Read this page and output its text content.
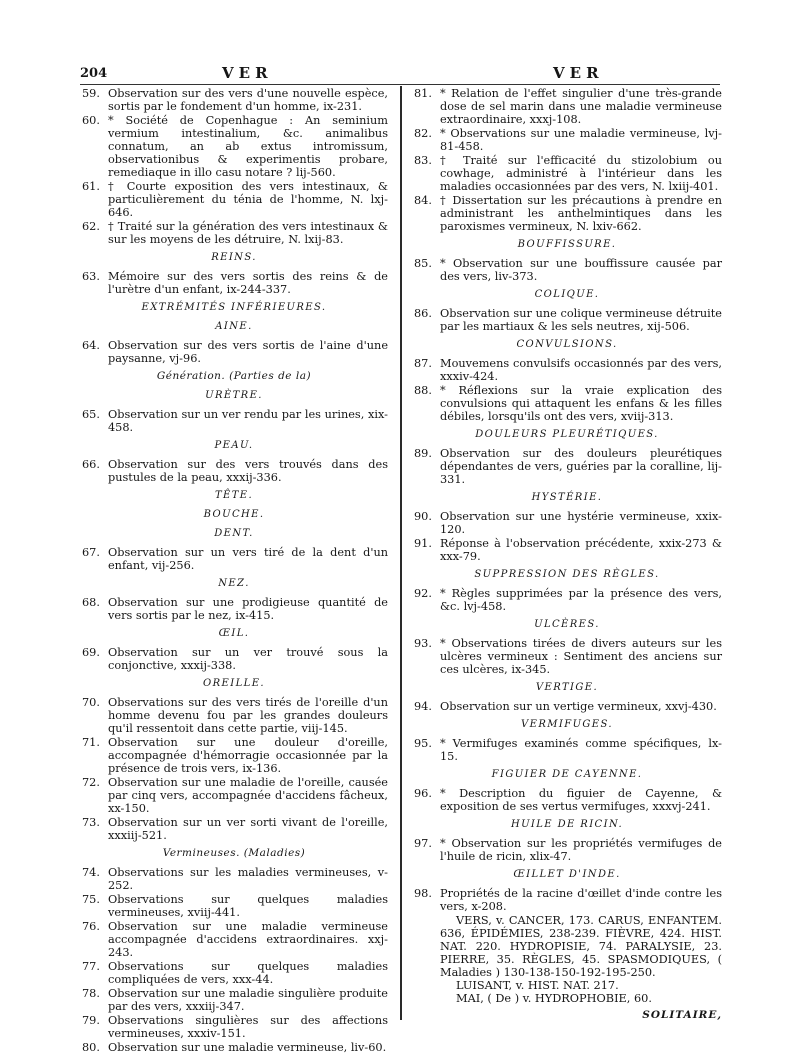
204	VER	VER
59. Observation sur des vers d'une nouvelle espèce, sortis par le fondement d'un homme, ix-231.
60. * Société de Copenhague : An seminium vermium intestinalium, &c. animalibus connatum, an ab extus intromissum, observationibus & experimentis probare, remediaque in illo casu notare ? lij-560.
61. † Courte exposition des vers intestinaux, & particulièrement du ténia de l'homme, N. lxj-646.
62. † Traité sur la génération des vers intestinaux & sur les moyens de les détruire, N. lxij-83.
REINS.
63. Mémoire sur des vers sortis des reins & de l'urètre d'un enfant, ix-244-337.
EXTRÉMITÉS INFÉRIEURES.
AINE.
64. Observation sur des vers sortis de l'aine d'une paysanne, vj-96.
Génération. (Parties de la)
URÈTRE.
65. Observation sur un ver rendu par les urines, xix-458.
PEAU.
66. Observation sur des vers trouvés dans des pustules de la peau, xxxij-336.
TÊTE.
BOUCHE.
DENT.
67. Observation sur un vers tiré de la dent d'un enfant, vij-256.
NEZ.
68. Observation sur une prodigieuse quantité de vers sortis par le nez, ix-415.
ŒIL.
69. Observation sur un ver trouvé sous la conjonctive, xxxij-338.
OREILLE.
70. Observations sur des vers tirés de l'oreille d'un homme devenu fou par les grandes douleurs qu'il ressentoit dans cette partie, viij-145.
71. Observation sur une douleur d'oreille, accompagnée d'hémorragie occasionnée par la présence de trois vers, ix-136.
72. Observation sur une maladie de l'oreille, causée par cinq vers, accompagnée d'accidens fâcheux, xx-150.
73. Observation sur un ver sorti vivant de l'oreille, xxxiij-521.
Vermineuses. (Maladies)
74. Observations sur les maladies vermineuses, v-252.
75. Observations sur quelques maladies vermineuses, xviij-441.
76. Observation sur une maladie vermineuse accompagnée d'accidens extraordinaires. xxj-243.
77. Observations sur quelques maladies compliquées de vers, xxx-44.
78. Observation sur une maladie singulière produite par des vers, xxxiij-347.
79. Observations singulières sur des affections vermineuses, xxxiv-151.
80. Observation sur une maladie vermineuse, liv-60.
81. * Relation de l'effet singulier d'une très-grande dose de sel marin dans une maladie vermineuse extraordinaire, xxxj-108.
82. * Observations sur une maladie vermineuse, lvj-81-458.
83. † Traité sur l'efficacité du stizolobium ou cowhage, administré à l'intérieur dans les maladies occasionnées par des vers, N. lxiij-401.
84. † Dissertation sur les précautions à prendre en administrant les anthelmintiques dans les paroxismes vermineux, N. lxiv-662.
BOUFFISSURE.
85. * Observation sur une bouffissure causée par des vers, liv-373.
COLIQUE.
86. Observation sur une colique vermineuse détruite par les martiaux & les sels neutres, xij-506.
CONVULSIONS.
87. Mouvemens convulsifs occasionnés par des vers, xxxiv-424.
88. * Réflexions sur la vraie explication des convulsions qui attaquent les enfans & les filles débiles, lorsqu'ils ont des vers, xviij-313.
DOULEURS PLEURÉTIQUES.
89. Observation sur des douleurs pleurétiques dépendantes de vers, guéries par la coralline, lij-331.
HYSTÉRIE.
90. Observation sur une hystérie vermineuse, xxix-120.
91. Réponse à l'observation précédente, xxix-273 & xxx-79.
SUPPRESSION DES RÈGLES.
92. * Règles supprimées par la présence des vers, &c. lvj-458.
ULCÈRES.
93. * Observations tirées de divers auteurs sur les ulcères vermineux : Sentiment des anciens sur ces ulcères, ix-345.
VERTIGE.
94. Observation sur un vertige vermineux, xxvj-430.
VERMIFUGES.
95. * Vermifuges examinés comme spécifiques, lx-15.
FIGUIER DE CAYENNE.
96. * Description du figuier de Cayenne, & exposition de ses vertus vermifuges, xxxvj-241.
HUILE DE RICIN.
97. * Observation sur les propriétés vermifuges de l'huile de ricin, xlix-47.
ŒILLET D'INDE.
98. Propriétés de la racine d'œillet d'inde contre les vers, x-208.
VERS, v. CANCER, 173. CARUS, ENFANTEM. 636, ÉPIDÉMIES, 238-239. FIÈVRE, 424. HIST. NAT. 220. HYDROPISIE, 74. PARALYSIE, 23. PIERRE, 35. RÈGLES, 45. SPASMODIQUES, ( Maladies ) 130-138-150-192-195-250.
LUISANT, v. HIST. NAT. 217.
MAI, ( De ) v. HYDROPHOBIE, 60.
SOLITAIRE,
